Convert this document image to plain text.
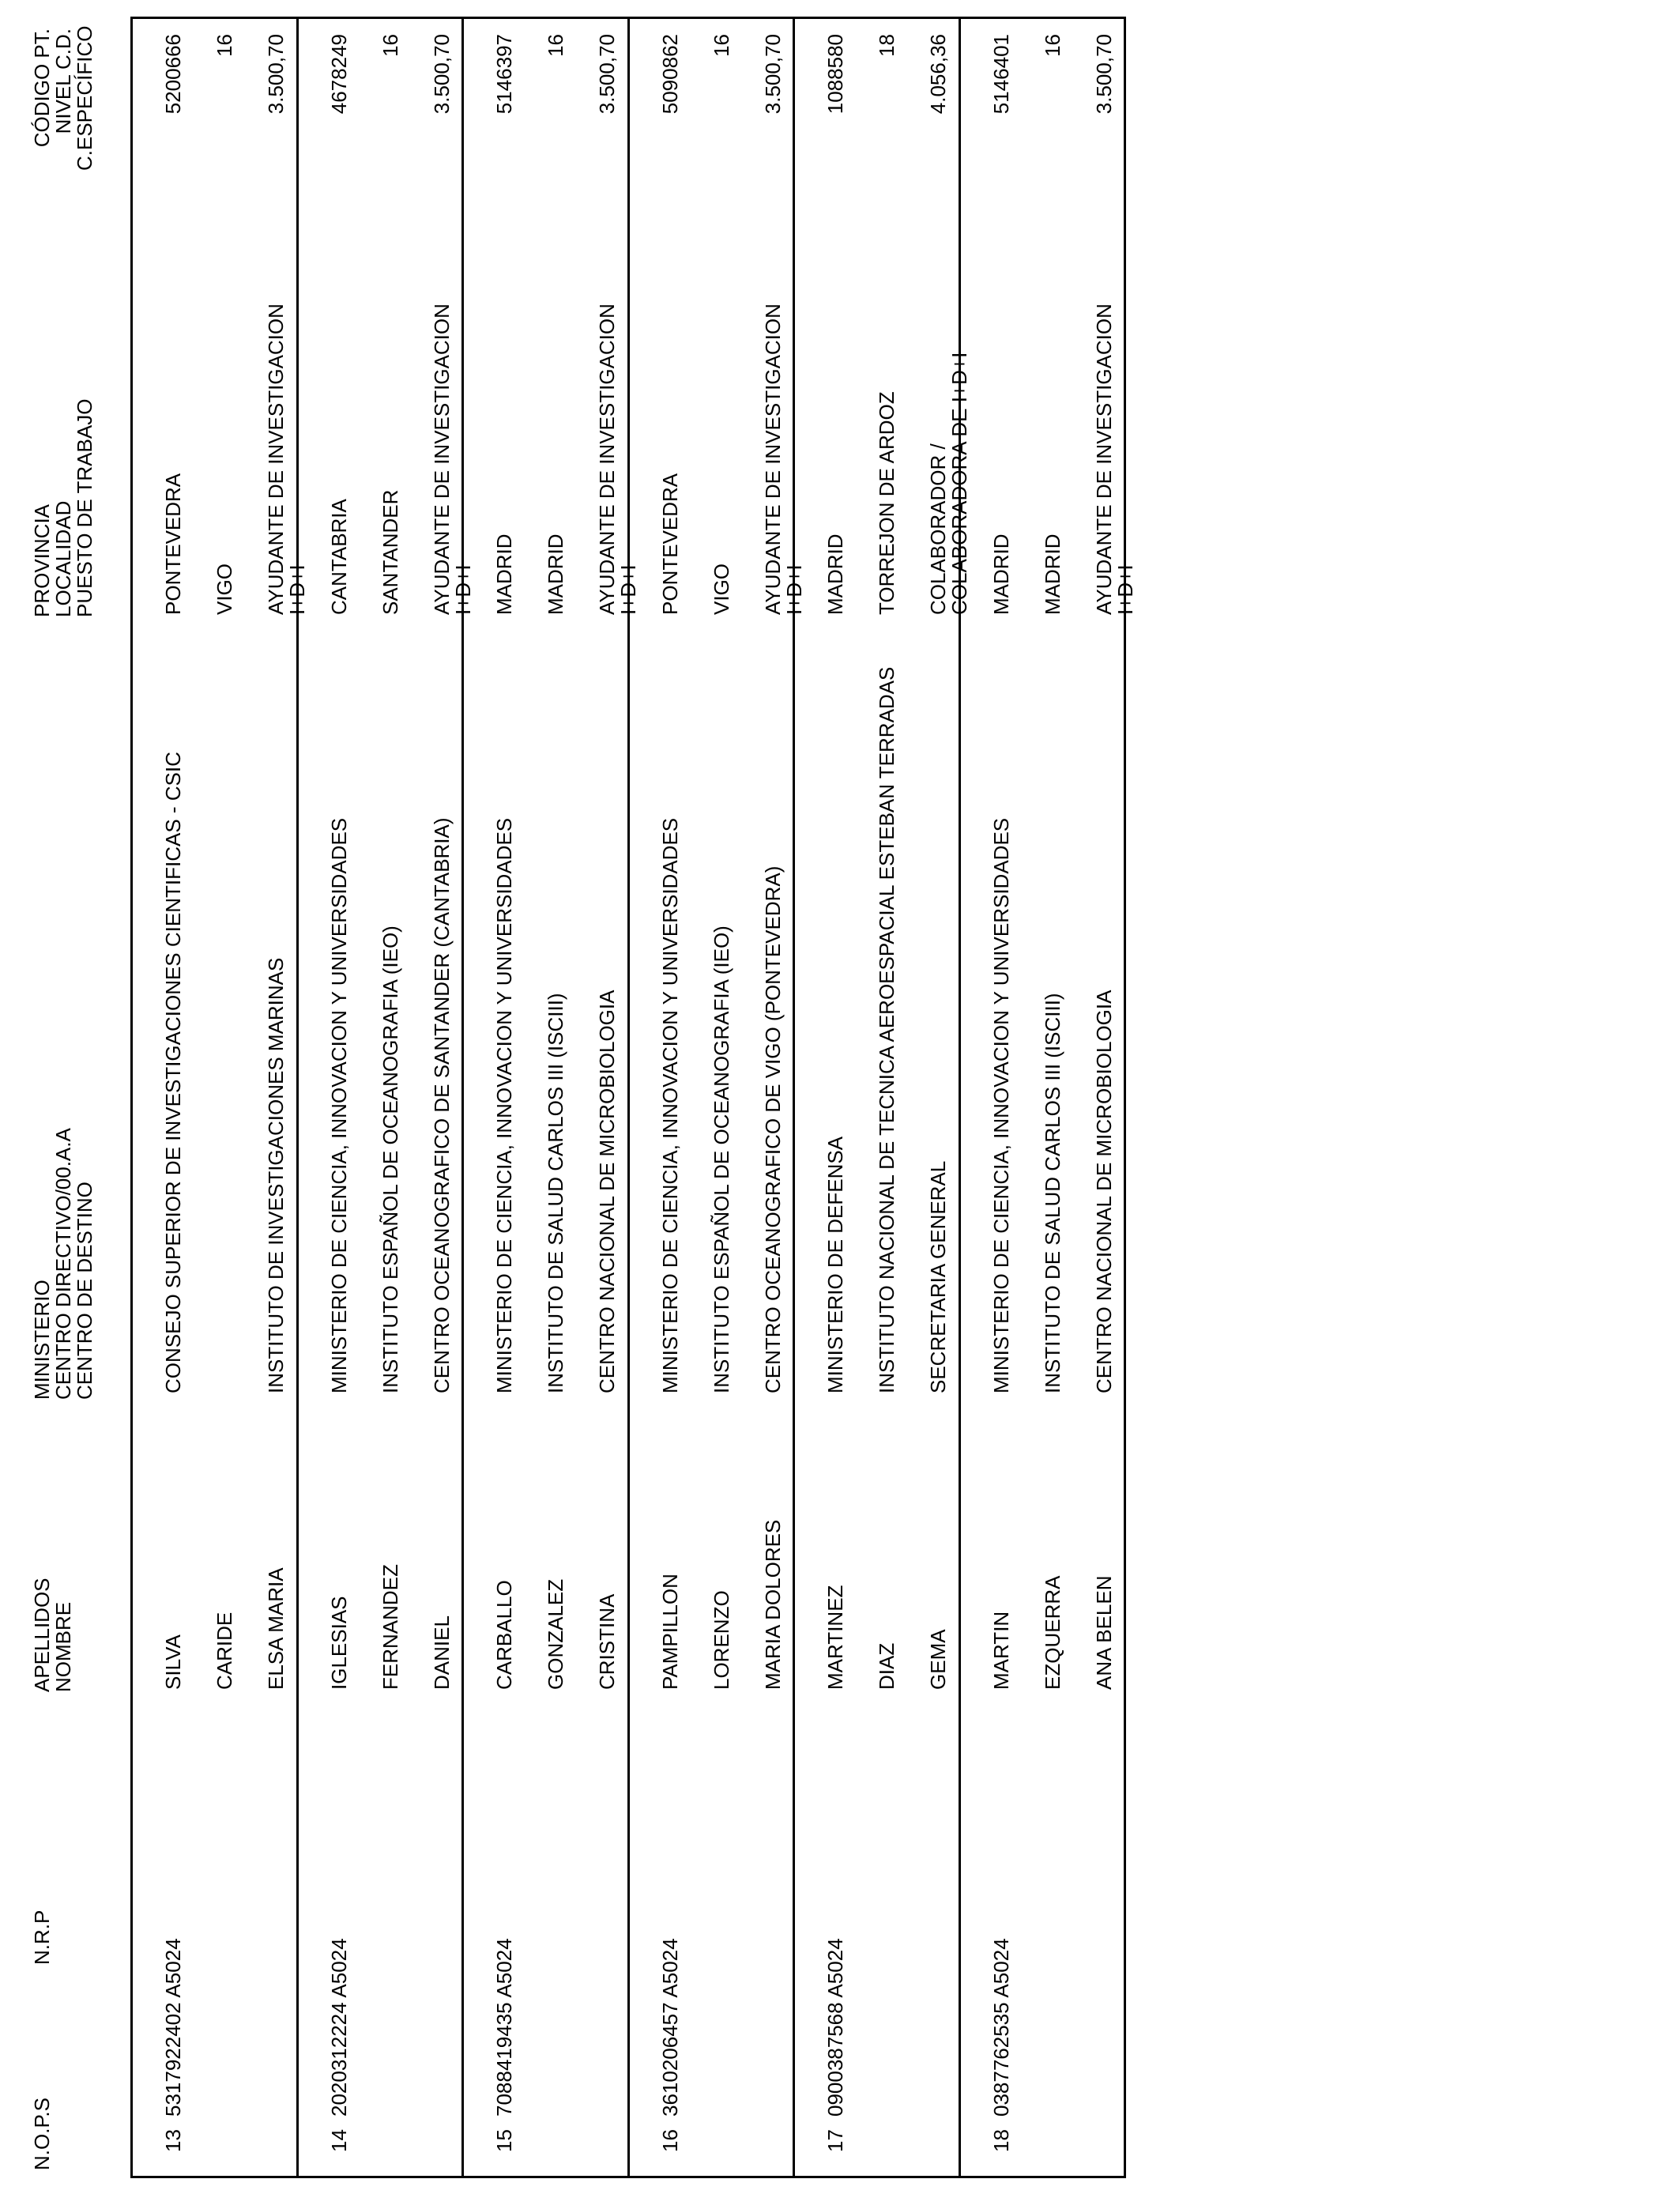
N.O.P.S
N.R.P
APELLIDOS
NOMBRE
MINISTERIO
CENTRO DIRECTIVO/00.A.A
CENTRO DE DESTINO
PROVINCIA
LOCALIDAD
PUESTO DE TRABAJO
CÓDIGO PT.
NIVEL C.D.
C.ESPECÍFICO
13
5317922402 A5024
SILVA CARIDE ELSA MARIA
CONSEJO SUPERIOR DE INVESTIGACIONES CIENTIFICAS - CSIC	INSTITUTO DE INVESTIGACIONES MARINAS
PONTEVEDRA VIGO AYUDANTE DE INVESTIGACION
I+D+I
5200666 16 3.500,70
14
2020312224 A5024
IGLESIAS FERNANDEZ DANIEL
MINISTERIO DE CIENCIA, INNOVACION Y UNIVERSIDADES INSTITUTO ESPAÑOL DE OCEANOGRAFIA (IEO) CENTRO OCEANOGRAFICO DE SANTANDER (CANTABRIA)
CANTABRIA SANTANDER AYUDANTE DE INVESTIGACION
I+D+I
4678249 16 3.500,70
15
7088419435 A5024
CARBALLO GONZALEZ CRISTINA
MINISTERIO DE CIENCIA, INNOVACION Y UNIVERSIDADES INSTITUTO DE SALUD CARLOS III (ISCIII) CENTRO NACIONAL DE MICROBIOLOGIA
MADRID MADRID AYUDANTE DE INVESTIGACION
I+D+I
5146397 16 3.500,70
16
3610206457 A5024
PAMPILLON LORENZO MARIA DOLORES
MINISTERIO DE CIENCIA, INNOVACION Y UNIVERSIDADES INSTITUTO ESPAÑOL DE OCEANOGRAFIA (IEO) CENTRO OCEANOGRAFICO DE VIGO (PONTEVEDRA)
PONTEVEDRA VIGO AYUDANTE DE INVESTIGACION
I+D+I
5090862 16 3.500,70
17
0900387568 A5024
MARTINEZ DIAZ GEMA
MINISTERIO DE DEFENSA INSTITUTO NACIONAL DE TECNICA AEROESPACIAL ESTEBAN TERRADAS SECRETARIA GENERAL
MADRID TORREJON DE ARDOZ COLABORADOR /
COLABORADORA DE I+D+I
1088580 18 4.056,36
18
0387762535 A5024
MARTIN EZQUERRA ANA BELEN
MINISTERIO DE CIENCIA, INNOVACION Y UNIVERSIDADES INSTITUTO DE SALUD CARLOS III (ISCIII) CENTRO NACIONAL DE MICROBIOLOGIA
MADRID MADRID AYUDANTE DE INVESTIGACION
I+D+I
5146401 16 3.500,70
